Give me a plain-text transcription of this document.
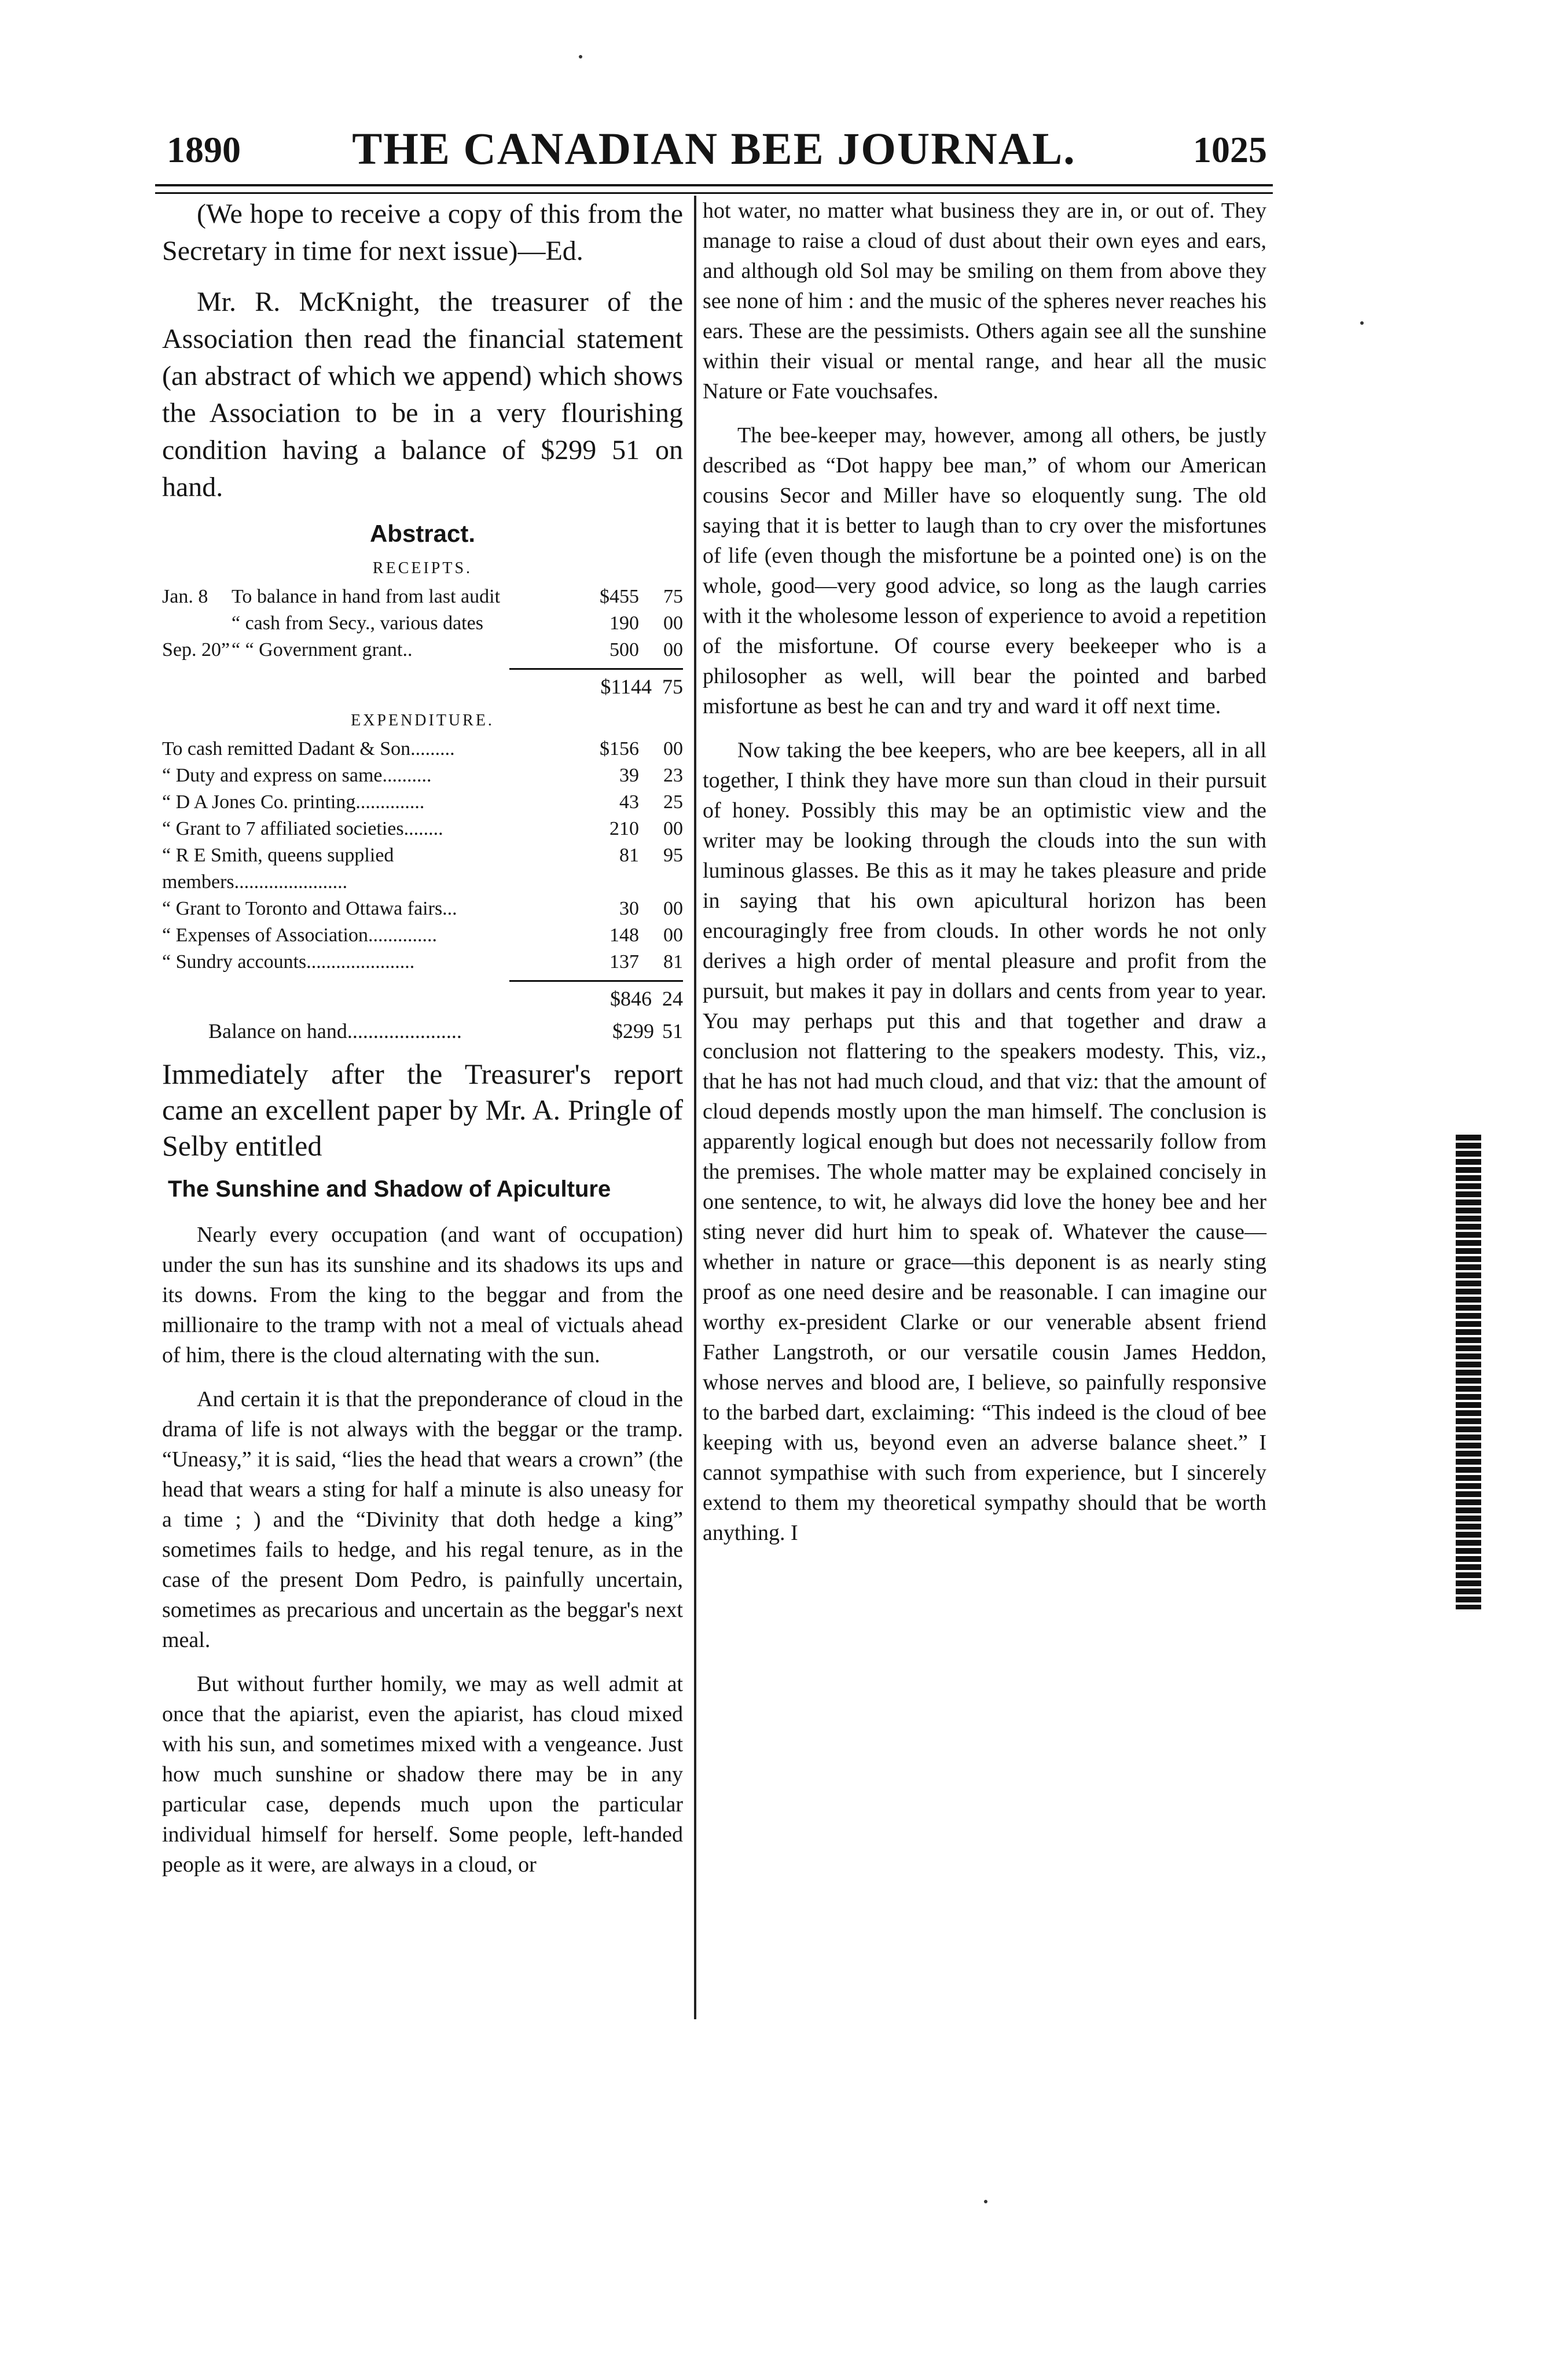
1890	THE CANADIAN BEE JOURNAL.	1025

(We hope to receive a copy of this from the Secretary in time for next issue)—Ed.

Mr. R. McKnight, the treasurer of the Association then read the financial statement (an abstract of which we append) which shows the Association to be in a very flourishing condition having a balance of $299 51 on hand.

Abstract.
RECEIPTS.
Jan. 8	To balance in hand from last audit	$455	75
	“ cash from Secy., various dates	190	00
Sep. 20”	“ “ Government grant..	500	00
$1144 75
EXPENDITURE.
To cash remitted Dadant & Son.........	$156	00
“ Duty and express on same..........	39	23
“ D A Jones Co. printing..............	43	25
“ Grant to 7 affiliated societies........	210	00
“ R E Smith, queens supplied members.......................	81	95
“ Grant to Toronto and Ottawa fairs...	30	00
“ Expenses of Association..............	148	00
“ Sundry accounts......................	137	81
$846 24
Balance on hand......................	$299 51

Immediately after the Treasurer's report came an excellent paper by Mr. A. Pringle of Selby entitled

The Sunshine and Shadow of Apiculture

Nearly every occupation (and want of occupation) under the sun has its sunshine and its shadows its ups and its downs. From the king to the beggar and from the millionaire to the tramp with not a meal of victuals ahead of him, there is the cloud alternating with the sun.

And certain it is that the preponderance of cloud in the drama of life is not always with the beggar or the tramp. “Uneasy,” it is said, “lies the head that wears a crown” (the head that wears a sting for half a minute is also uneasy for a time ; ) and the “Divinity that doth hedge a king” sometimes fails to hedge, and his regal tenure, as in the case of the present Dom Pedro, is painfully uncertain, sometimes as precarious and uncertain as the beggar's next meal.

But without further homily, we may as well admit at once that the apiarist, even the apiarist, has cloud mixed with his sun, and sometimes mixed with a vengeance. Just how much sunshine or shadow there may be in any particular case, depends much upon the particular individual himself for herself. Some people, left-handed people as it were, are always in a cloud, or

hot water, no matter what business they are in, or out of. They manage to raise a cloud of dust about their own eyes and ears, and although old Sol may be smiling on them from above they see none of him : and the music of the spheres never reaches his ears. These are the pessimists. Others again see all the sunshine within their visual or mental range, and hear all the music Nature or Fate vouchsafes.

The bee-keeper may, however, among all others, be justly described as “Dot happy bee man,” of whom our American cousins Secor and Miller have so eloquently sung. The old saying that it is better to laugh than to cry over the misfortunes of life (even though the misfortune be a pointed one) is on the whole, good—very good advice, so long as the laugh carries with it the wholesome lesson of experience to avoid a repetition of the misfortune. Of course every beekeeper who is a philosopher as well, will bear the pointed and barbed misfortune as best he can and try and ward it off next time.

Now taking the bee keepers, who are bee keepers, all in all together, I think they have more sun than cloud in their pursuit of honey. Possibly this may be an optimistic view and the writer may be looking through the clouds into the sun with luminous glasses. Be this as it may he takes pleasure and pride in saying that his own apicultural horizon has been encouragingly free from clouds. In other words he not only derives a high order of mental pleasure and profit from the pursuit, but makes it pay in dollars and cents from year to year. You may perhaps put this and that together and draw a conclusion not flattering to the speakers modesty. This, viz., that he has not had much cloud, and that viz: that the amount of cloud depends mostly upon the man himself. The conclusion is apparently logical enough but does not necessarily follow from the premises. The whole matter may be explained concisely in one sentence, to wit, he always did love the honey bee and her sting never did hurt him to speak of. Whatever the cause—whether in nature or grace—this deponent is as nearly sting proof as one need desire and be reasonable. I can imagine our worthy ex-president Clarke or our venerable absent friend Father Langstroth, or our versatile cousin James Heddon, whose nerves and blood are, I believe, so painfully responsive to the barbed dart, exclaiming: “This indeed is the cloud of bee keeping with us, beyond even an adverse balance sheet.” I cannot sympathise with such from experience, but I sincerely extend to them my theoretical sympathy should that be worth anything. I
